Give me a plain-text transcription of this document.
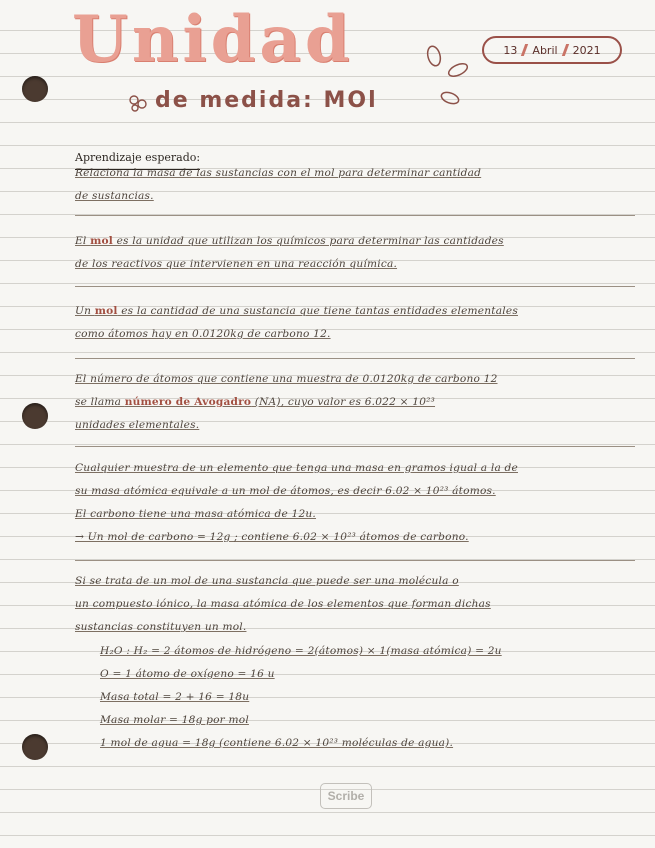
Unidad
de medida: MOl
13 Abril 2021
Aprendizaje esperado:
Relaciona la masa de las sustancias con el mol para determinar cantidad
de sustancias.
El mol es la unidad que utilizan los químicos para determinar las cantidades
de los reactivos que intervienen en una reacción química.
Un mol es la cantidad de una sustancia que tiene tantas entidades elementales
como átomos hay en 0.0120kg de carbono 12.
El número de átomos que contiene una muestra de 0.0120kg de carbono 12
se llama número de Avogadro (NA), cuyo valor es 6.022 × 10²³
unidades elementales.
Cualquier muestra de un elemento que tenga una masa en gramos igual a la de
su masa atómica equivale a un mol de átomos, es decir 6.02 × 10²³ átomos.
El carbono tiene una masa atómica de 12u.
→ Un mol de carbono = 12g ; contiene 6.02 × 10²³ átomos de carbono.
Si se trata de un mol de una sustancia que puede ser una molécula o
un compuesto iónico, la masa atómica de los elementos que forman dichas
sustancias constituyen un mol.
H₂O : H₂ = 2 átomos de hidrógeno = 2(átomos) × 1(masa atómica) = 2u
O = 1 átomo de oxígeno = 16 u
Masa total = 2 + 16 = 18u
Masa molar = 18g por mol
1 mol de agua = 18g (contiene 6.02 × 10²³ moléculas de agua).
Scribe
